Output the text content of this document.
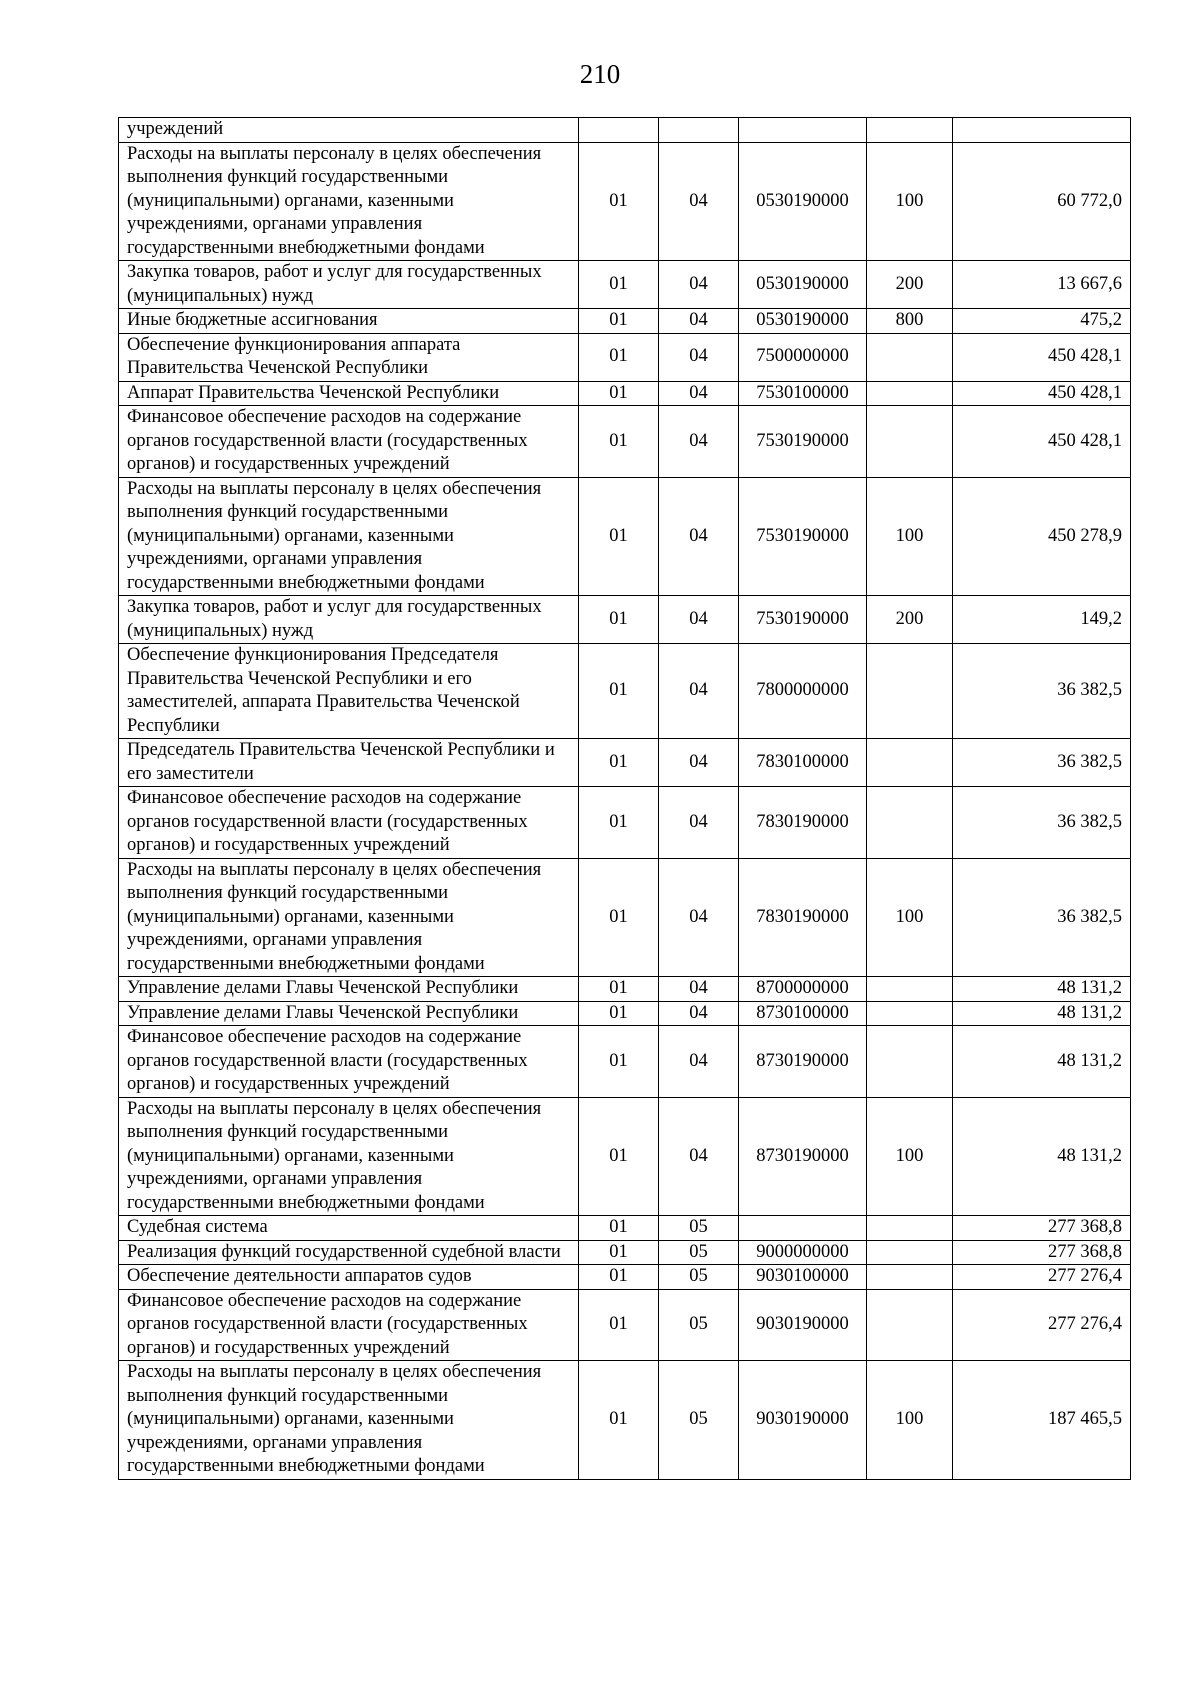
210
учреждений					
Расходы на выплаты персоналу в целях обеспечения выполнения функций государственными (муниципальными) органами, казенными учреждениями, органами управления государственными внебюджетными фондами	01	04	0530190000	100	60 772,0
Закупка товаров, работ и услуг для государственных (муниципальных) нужд	01	04	0530190000	200	13 667,6
Иные бюджетные ассигнования	01	04	0530190000	800	475,2
Обеспечение функционирования аппарата Правительства Чеченской Республики	01	04	7500000000		450 428,1
Аппарат Правительства Чеченской Республики	01	04	7530100000		450 428,1
Финансовое обеспечение расходов на содержание органов государственной власти (государственных органов) и государственных учреждений	01	04	7530190000		450 428,1
Расходы на выплаты персоналу в целях обеспечения выполнения функций государственными (муниципальными) органами, казенными учреждениями, органами управления государственными внебюджетными фондами	01	04	7530190000	100	450 278,9
Закупка товаров, работ и услуг для государственных (муниципальных) нужд	01	04	7530190000	200	149,2
Обеспечение функционирования Председателя Правительства Чеченской Республики и его заместителей, аппарата Правительства Чеченской Республики	01	04	7800000000		36 382,5
Председатель Правительства Чеченской Республики и его заместители	01	04	7830100000		36 382,5
Финансовое обеспечение расходов на содержание органов государственной власти (государственных органов) и государственных учреждений	01	04	7830190000		36 382,5
Расходы на выплаты персоналу в целях обеспечения выполнения функций государственными (муниципальными) органами, казенными учреждениями, органами управления государственными внебюджетными фондами	01	04	7830190000	100	36 382,5
Управление делами Главы Чеченской Республики	01	04	8700000000		48 131,2
Управление делами Главы Чеченской Республики	01	04	8730100000		48 131,2
Финансовое обеспечение расходов на содержание органов государственной власти (государственных органов) и государственных учреждений	01	04	8730190000		48 131,2
Расходы на выплаты персоналу в целях обеспечения выполнения функций государственными (муниципальными) органами, казенными учреждениями, органами управления государственными внебюджетными фондами	01	04	8730190000	100	48 131,2
Судебная система	01	05			277 368,8
Реализация функций государственной судебной власти	01	05	9000000000		277 368,8
Обеспечение деятельности аппаратов судов	01	05	9030100000		277 276,4
Финансовое обеспечение расходов на содержание органов государственной власти (государственных органов) и государственных учреждений	01	05	9030190000		277 276,4
Расходы на выплаты персоналу в целях обеспечения выполнения функций государственными (муниципальными) органами, казенными учреждениями, органами управления государственными внебюджетными фондами	01	05	9030190000	100	187 465,5
